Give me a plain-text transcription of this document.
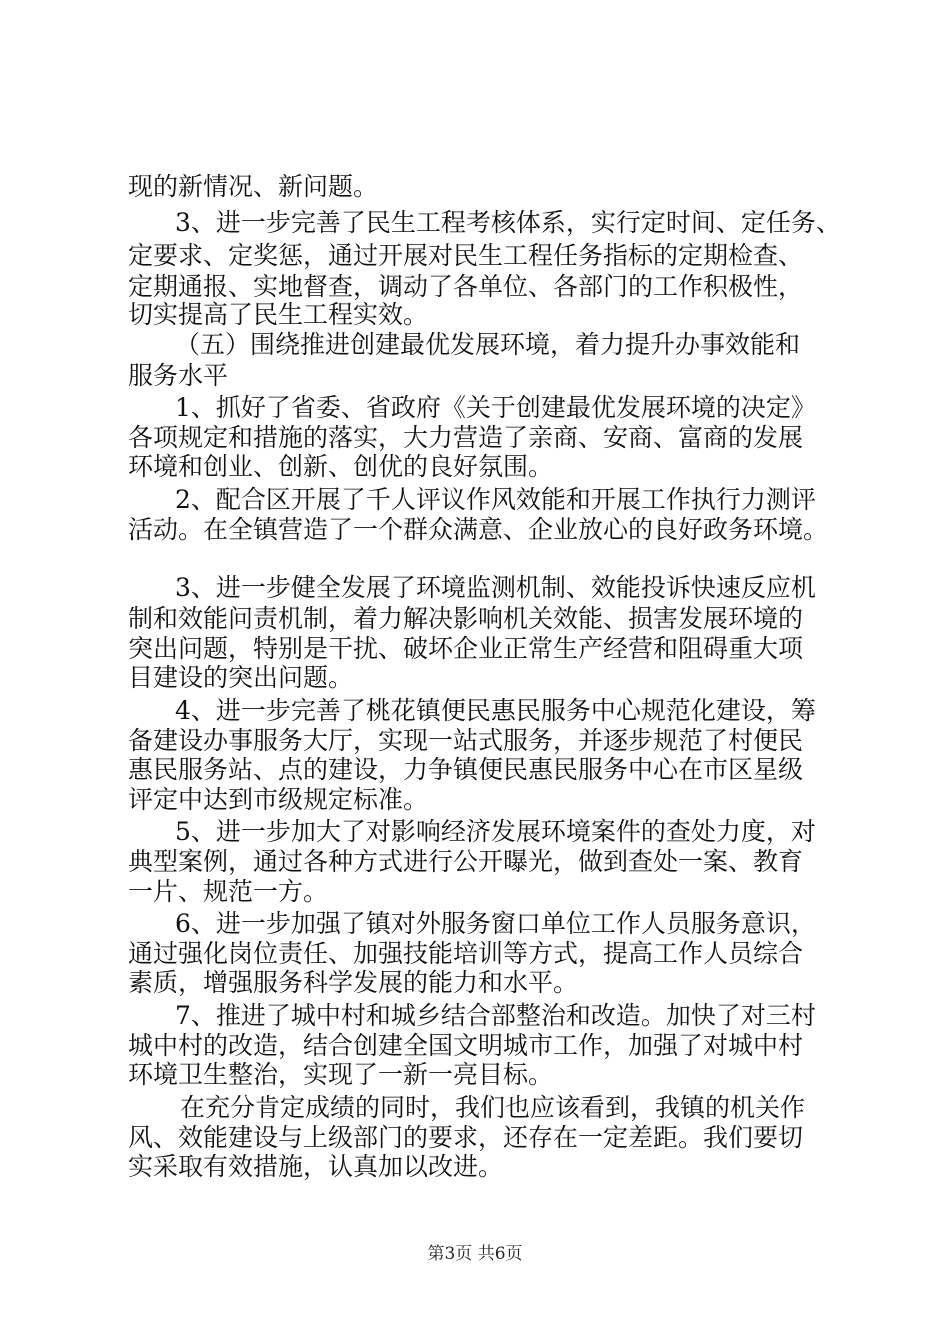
现的新情况、新问题。
3、进一步完善了民生工程考核体系，实行定时间、定任务、
定要求、定奖惩，通过开展对民生工程任务指标的定期检查、
定期通报、实地督查，调动了各单位、各部门的工作积极性，
切实提高了民生工程实效。
（五）围绕推进创建最优发展环境，着力提升办事效能和
服务水平
1、抓好了省委、省政府《关于创建最优发展环境的决定》
各项规定和措施的落实，大力营造了亲商、安商、富商的发展
环境和创业、创新、创优的良好氛围。
2、配合区开展了千人评议作风效能和开展工作执行力测评
活动。在全镇营造了一个群众满意、企业放心的良好政务环境。
3、进一步健全发展了环境监测机制、效能投诉快速反应机
制和效能问责机制，着力解决影响机关效能、损害发展环境的
突出问题，特别是干扰、破坏企业正常生产经营和阻碍重大项
目建设的突出问题。
4、进一步完善了桃花镇便民惠民服务中心规范化建设，筹
备建设办事服务大厅，实现一站式服务，并逐步规范了村便民
惠民服务站、点的建设，力争镇便民惠民服务中心在市区星级
评定中达到市级规定标准。
5、进一步加大了对影响经济发展环境案件的查处力度，对
典型案例，通过各种方式进行公开曝光，做到查处一案、教育
一片、规范一方。
6、进一步加强了镇对外服务窗口单位工作人员服务意识，
通过强化岗位责任、加强技能培训等方式，提高工作人员综合
素质，增强服务科学发展的能力和水平。
7、推进了城中村和城乡结合部整治和改造。加快了对三村
城中村的改造，结合创建全国文明城市工作，加强了对城中村
环境卫生整治，实现了一新一亮目标。
在充分肯定成绩的同时，我们也应该看到，我镇的机关作
风、效能建设与上级部门的要求，还存在一定差距。我们要切
实采取有效措施，认真加以改进。
第3页 共6页
